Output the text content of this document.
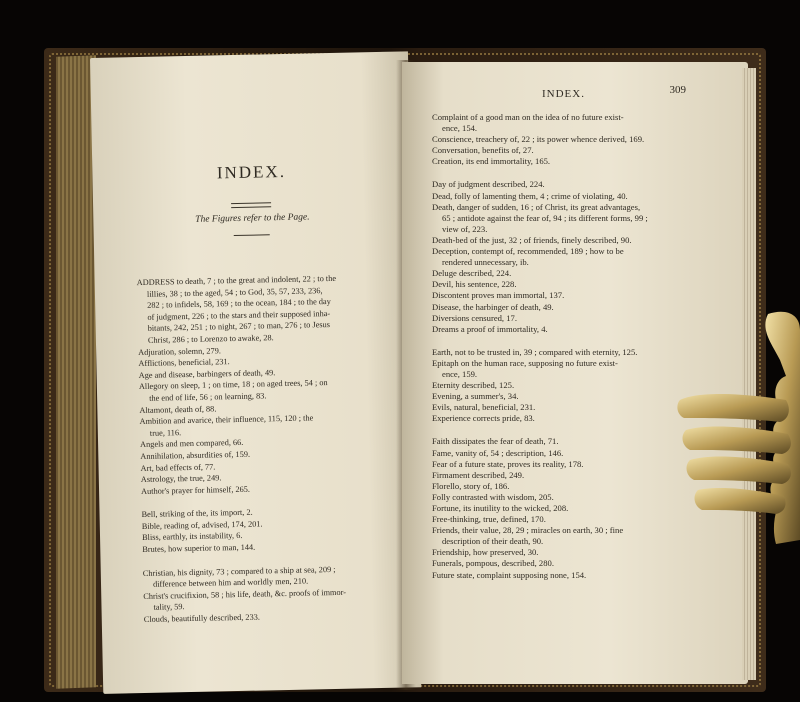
INDEX.
The Figures refer to the Page.
ADDRESS to death, 7 ; to the great and indolent, 22 ; to the
lillies, 38 ; to the aged, 54 ; to God, 35, 57, 233, 236,
282 ; to infidels, 58, 169 ; to the ocean, 184 ; to the day
of judgment, 226 ; to the stars and their supposed inha-
bitants, 242, 251 ; to night, 267 ; to man, 276 ; to Jesus
Christ, 286 ; to Lorenzo to awake, 28.
Adjuration, solemn, 279.
Afflictions, beneficial, 231.
Age and disease, barbingers of death, 49.
Allegory on sleep, 1 ; on time, 18 ; on aged trees, 54 ; on
the end of life, 56 ; on learning, 83.
Altamont, death of, 88.
Ambition and avarice, their influence, 115, 120 ; the
true, 116.
Angels and men compared, 66.
Annihilation, absurdities of, 159.
Art, bad effects of, 77.
Astrology, the true, 249.
Author's prayer for himself, 265.
Bell, striking of the, its import, 2.
Bible, reading of, advised, 174, 201.
Bliss, earthly, its instability, 6.
Brutes, how superior to man, 144.
Christian, his dignity, 73 ; compared to a ship at sea, 209 ;
difference between him and worldly men, 210.
Christ's crucifixion, 58 ; his life, death, &c. proofs of immor-
tality, 59.
Clouds, beautifully described, 233.
INDEX.	309
Complaint of a good man on the idea of no future exist-
ence, 154.
Conscience, treachery of, 22 ; its power whence derived, 169.
Conversation, benefits of, 27.
Creation, its end immortality, 165.
Day of judgment described, 224.
Dead, folly of lamenting them, 4 ; crime of violating, 40.
Death, danger of sudden, 16 ; of Christ, its great advantages,
65 ; antidote against the fear of, 94 ; its different forms, 99 ;
view of, 223.
Death-bed of the just, 32 ; of friends, finely described, 90.
Deception, contempt of, recommended, 189 ; how to be
rendered unnecessary, ib.
Deluge described, 224.
Devil, his sentence, 228.
Discontent proves man immortal, 137.
Disease, the harbinger of death, 49.
Diversions censured, 17.
Dreams a proof of immortality, 4.
Earth, not to be trusted in, 39 ; compared with eternity, 125.
Epitaph on the human race, supposing no future exist-
ence, 159.
Eternity described, 125.
Evening, a summer's, 34.
Evils, natural, beneficial, 231.
Experience corrects pride, 83.
Faith dissipates the fear of death, 71.
Fame, vanity of, 54 ; description, 146.
Fear of a future state, proves its reality, 178.
Firmament described, 249.
Florello, story of, 186.
Folly contrasted with wisdom, 205.
Fortune, its inutility to the wicked, 208.
Free-thinking, true, defined, 170.
Friends, their value, 28, 29 ; miracles on earth, 30 ; fine
description of their death, 90.
Friendship, how preserved, 30.
Funerals, pompous, described, 280.
Future state, complaint supposing none, 154.
